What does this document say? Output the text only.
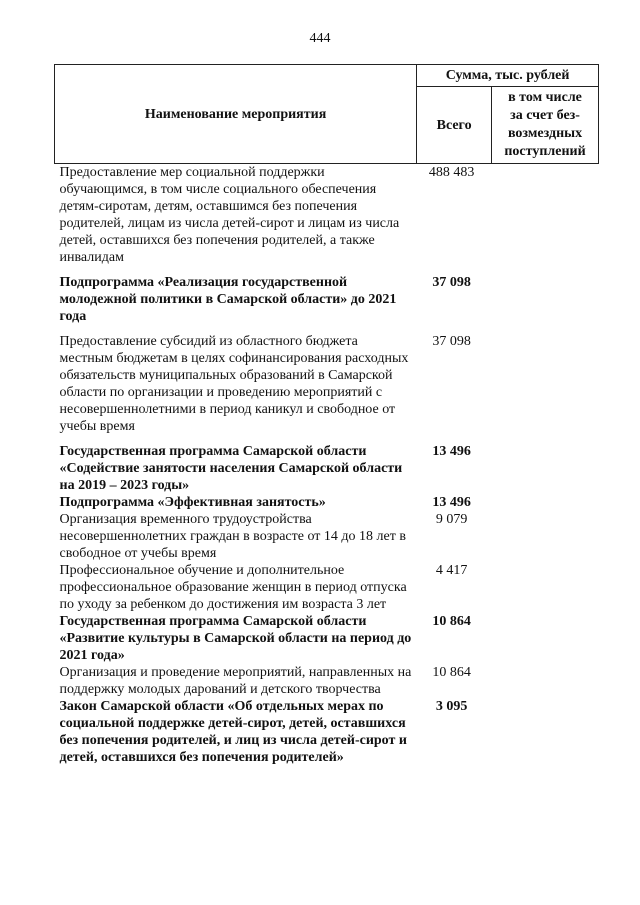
444
Наименование мероприятия	Сумма, тыс. рублей	
	Всего	в том числе
за счет без-
возмездных
поступлений

Предоставление мер социальной поддержки обучающимся, в том числе социального обеспечения детям-сиротам, детям, оставшимся без попечения родителей, лицам из числа детей-сирот и лицам из числа детей, оставшихся без попечения родителей, а также инвалидам	488 483	
Подпрограмма «Реализация государственной молодежной политики в Самарской области» до 2021 года	37 098	
Предоставление субсидий из областного бюджета местным бюджетам в целях софинансирования расходных обязательств муниципальных образований в Самарской области по организации и проведению мероприятий с несовершеннолетними в период каникул и свободное от учебы время	37 098	
Государственная программа Самарской области «Содействие занятости населения Самарской области на 2019 – 2023 годы»	13 496	
Подпрограмма «Эффективная занятость»	13 496	
Организация временного трудоустройства несовершеннолетних граждан в возрасте от 14 до 18 лет в свободное от учебы время	9 079	
Профессиональное обучение и дополнительное профессиональное образование женщин в период отпуска по уходу за ребенком до достижения им возраста 3 лет	4 417	
Государственная программа Самарской области «Развитие культуры в Самарской области на период до 2021 года»	10 864	
Организация и проведение мероприятий, направленных на поддержку молодых дарований и детского творчества	10 864	
Закон Самарской области «Об отдельных мерах по социальной поддержке детей-сирот, детей, оставшихся без попечения родителей, и лиц из числа детей-сирот и детей, оставшихся без попечения родителей»	3 095	
